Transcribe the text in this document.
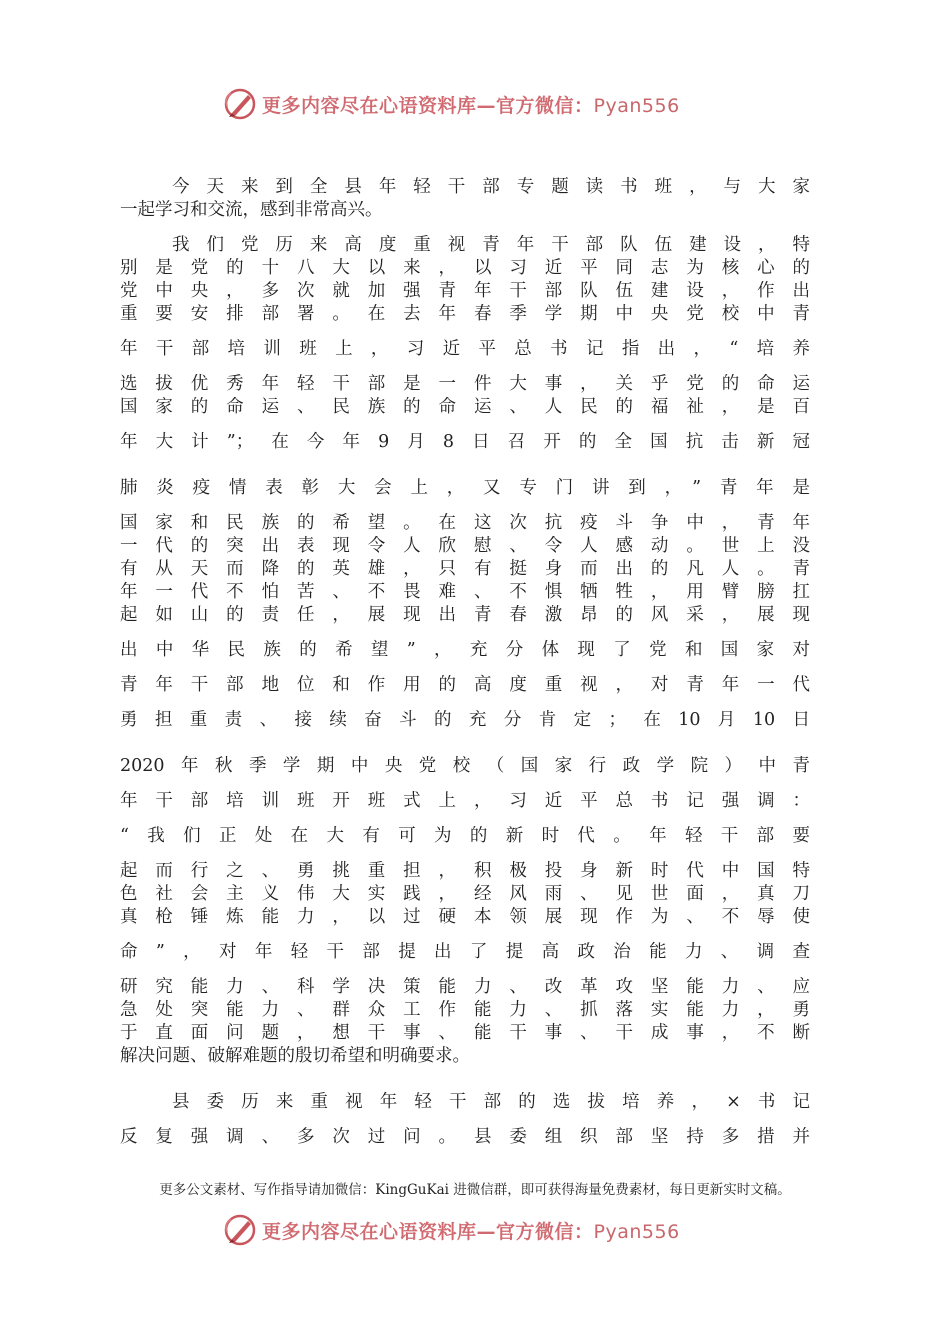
更多内容尽在心语资料库—官方微信：Pyan556
今天来到全县年轻干部专题读书班，与大家
一起学习和交流，感到非常高兴。
我们党历来高度重视青年干部队伍建设，特
别是党的十八大以来，以习近平同志为核心的
党中央，多次就加强青年干部队伍建设，作出
重要安排部署。在去年春季学期中央党校中青
年干部培训班上，习近平总书记指出，“培养
选拔优秀年轻干部是一件大事，关乎党的命运
国家的命运、民族的命运、人民的福祉，是百
年大计”；在今年9月8日召开的全国抗击新冠
肺炎疫情表彰大会上，又专门讲到，”青年是
国家和民族的希望。在这次抗疫斗争中，青年
一代的突出表现令人欣慰、令人感动。世上没
有从天而降的英雄，只有挺身而出的凡人。青
年一代不怕苦、不畏难、不惧牺牲，用臂膀扛
起如山的责任，展现出青春激昂的风采，展现
出中华民族的希望”，充分体现了党和国家对
青年干部地位和作用的高度重视，对青年一代
勇担重责、接续奋斗的充分肯定；在10月10日
2020年秋季学期中央党校（国家行政学院）中青
年干部培训班开班式上，习近平总书记强调：
“我们正处在大有可为的新时代。年轻干部要
起而行之、勇挑重担，积极投身新时代中国特
色社会主义伟大实践，经风雨、见世面，真刀
真枪锤炼能力，以过硬本领展现作为、不辱使
命”，对年轻干部提出了提高政治能力、调查
研究能力、科学决策能力、改革攻坚能力、应
急处突能力、群众工作能力、抓落实能力，勇
于直面问题，想干事、能干事、干成事，不断
解决问题、破解难题的殷切希望和明确要求。
县委历来重视年轻干部的选拔培养，×书记
反复强调、多次过问。县委组织部坚持多措并
更多公文素材、写作指导请加微信：KingGuKai 进微信群，即可获得海量免费素材，每日更新实时文稿。
更多内容尽在心语资料库—官方微信：Pyan556
